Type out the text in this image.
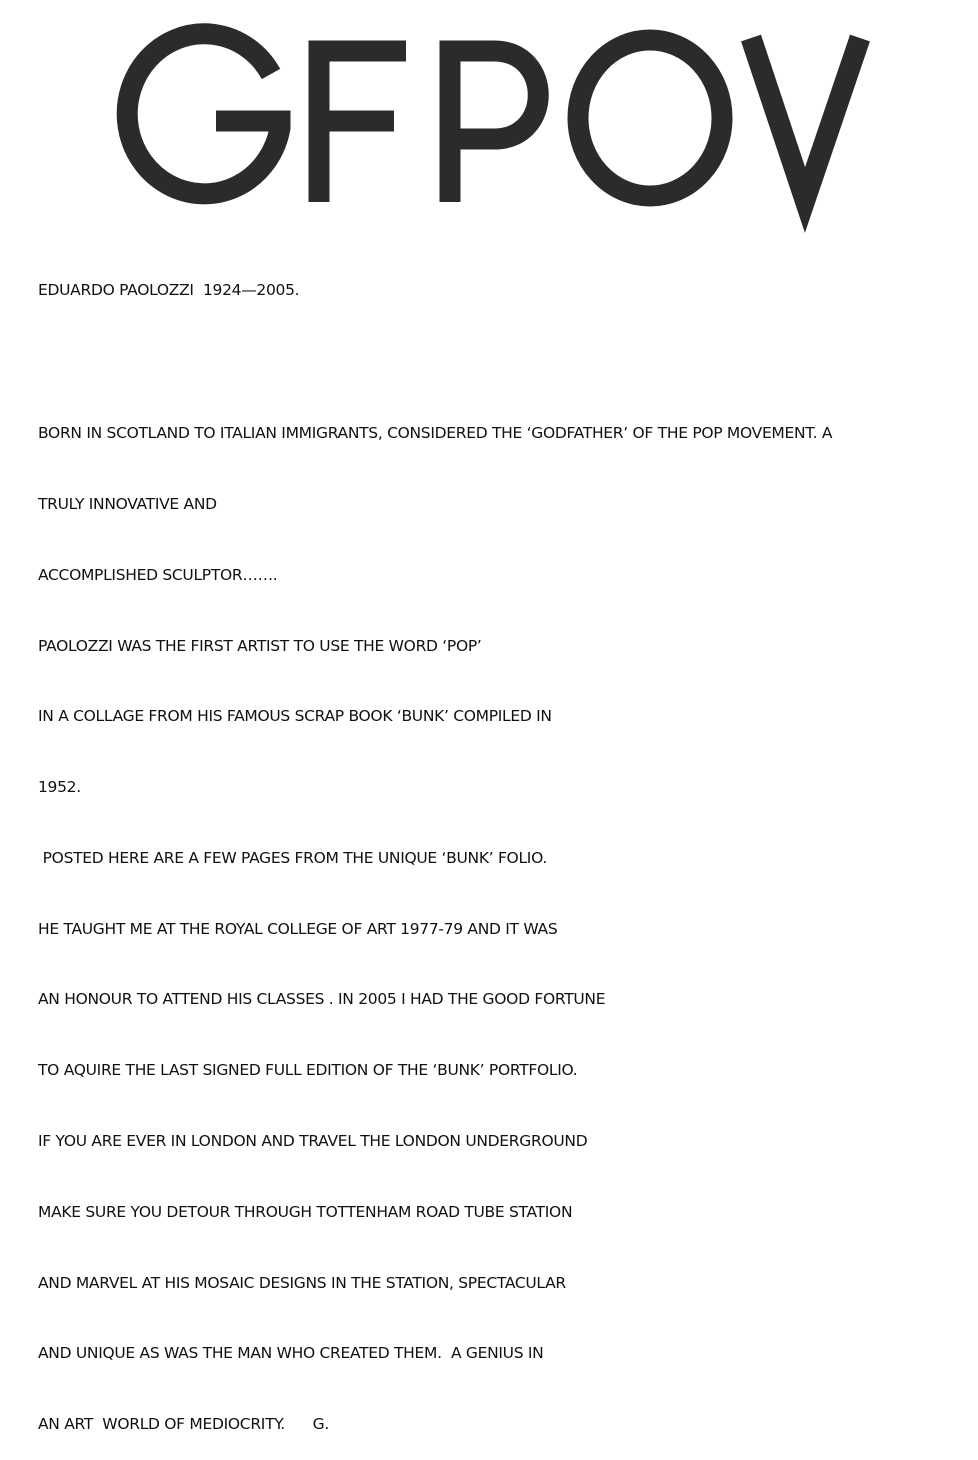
EDUARDO PAOLOZZI  1924—2005.

BORN IN SCOTLAND TO ITALIAN IMMIGRANTS, CONSIDERED THE ‘GODFATHER’ OF THE POP MOVEMENT. A

TRULY INNOVATIVE AND

ACCOMPLISHED SCULPTOR…….

PAOLOZZI WAS THE FIRST ARTIST TO USE THE WORD ‘POP’

IN A COLLAGE FROM HIS FAMOUS SCRAP BOOK ‘BUNK’ COMPILED IN

1952.

POSTED HERE ARE A FEW PAGES FROM THE UNIQUE ‘BUNK’ FOLIO.

HE TAUGHT ME AT THE ROYAL COLLEGE OF ART 1977-79 AND IT WAS

AN HONOUR TO ATTEND HIS CLASSES . IN 2005 I HAD THE GOOD FORTUNE

TO AQUIRE THE LAST SIGNED FULL EDITION OF THE ‘BUNK’ PORTFOLIO.

IF YOU ARE EVER IN LONDON AND TRAVEL THE LONDON UNDERGROUND

MAKE SURE YOU DETOUR THROUGH TOTTENHAM ROAD TUBE STATION

AND MARVEL AT HIS MOSAIC DESIGNS IN THE STATION, SPECTACULAR

AND UNIQUE AS WAS THE MAN WHO CREATED THEM.  A GENIUS IN

AN ART  WORLD OF MEDIOCRITY.      G.
